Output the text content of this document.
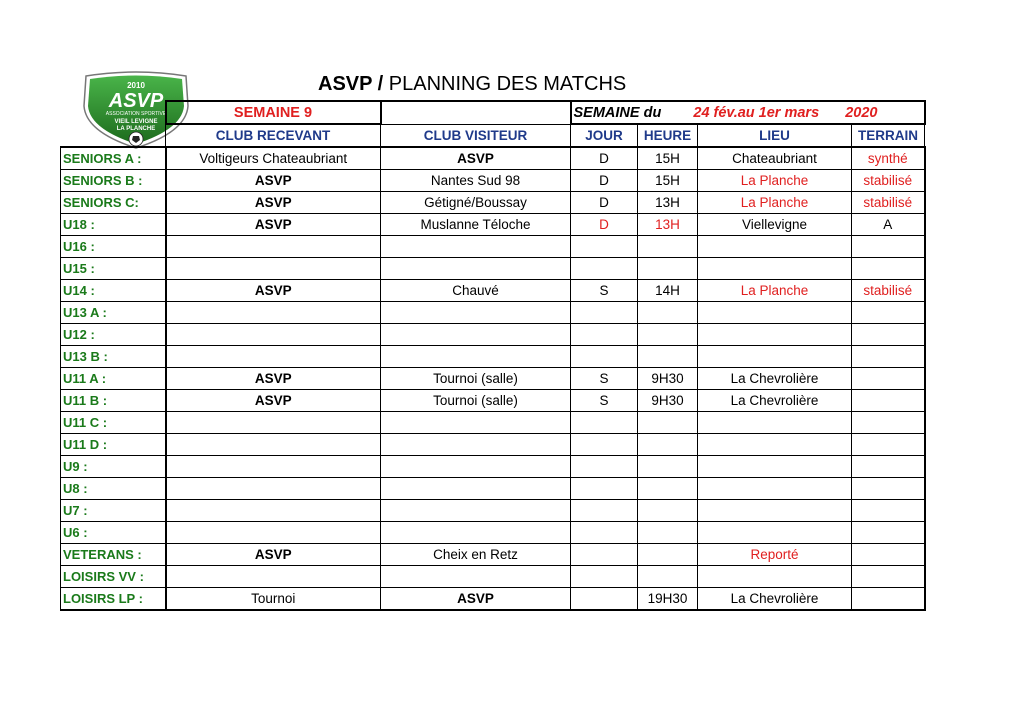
2010
ASVP
ASSOCIATION SPORTIVE
VIEIL LEVIGNE
LA PLANCHE
ASVP / PLANNING DES MATCHS
	SEMAINE 9		SEMAINE du 24 fév.au 1er mars 2020			
	CLUB RECEVANT	CLUB VISITEUR	JOUR	HEURE	LIEU	TERRAIN
SENIORS A :	Voltigeurs Chateaubriant	ASVP	D	15H	Chateaubriant	synthé
SENIORS B :	ASVP	Nantes Sud 98	D	15H	La Planche	stabilisé
SENIORS C:	ASVP	Gétigné/Boussay	D	13H	La Planche	stabilisé
U18 :	ASVP	Muslanne Téloche	D	13H	Viellevigne	A
U16 :						
U15 :						
U14 :	ASVP	Chauvé	S	14H	La Planche	stabilisé
U13 A :						
U12 :						
U13 B :						
U11 A :	ASVP	Tournoi (salle)	S	9H30	La Chevrolière	
U11 B :	ASVP	Tournoi (salle)	S	9H30	La Chevrolière	
U11 C :						
U11 D :						
U9 :						
U8 :						
U7 :						
U6 :						
VETERANS :	ASVP	Cheix en Retz			Reporté	
LOISIRS VV :						
LOISIRS LP :	Tournoi	ASVP		19H30	La Chevrolière	
